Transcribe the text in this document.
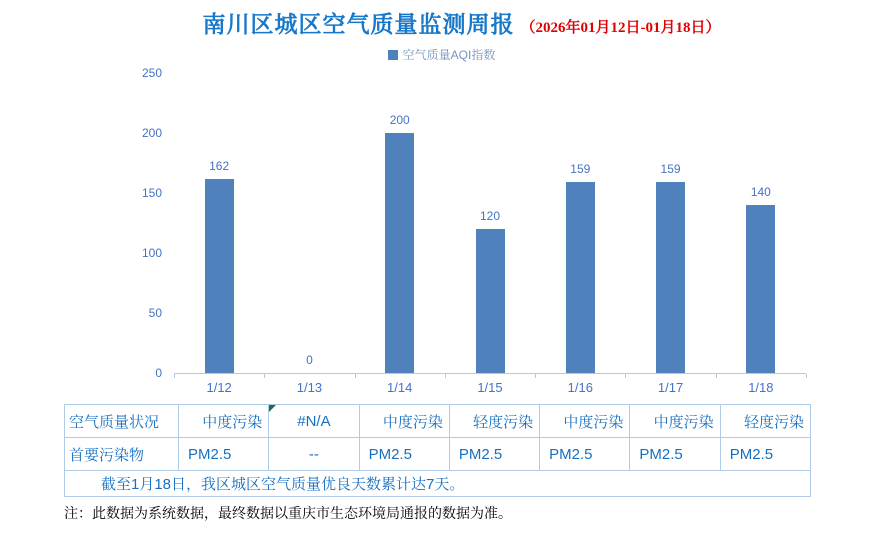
南川区城区空气质量监测周报 （2026年01月12日-01月18日）
空气质量AQI指数
0
50
100
150
200
250
162
1/12
0
1/13
200
1/14
120
1/15
159
1/16
159
1/17
140
1/18
空气质量状况	中度污染	#N/A	中度污染	轻度污染	中度污染	中度污染	轻度污染
首要污染物	PM2.5	--	PM2.5	PM2.5	PM2.5	PM2.5	PM2.5
截至1月18日，我区城区空气质量优良天数累计达7天。							
注：此数据为系统数据，最终数据以重庆市生态环境局通报的数据为准。
